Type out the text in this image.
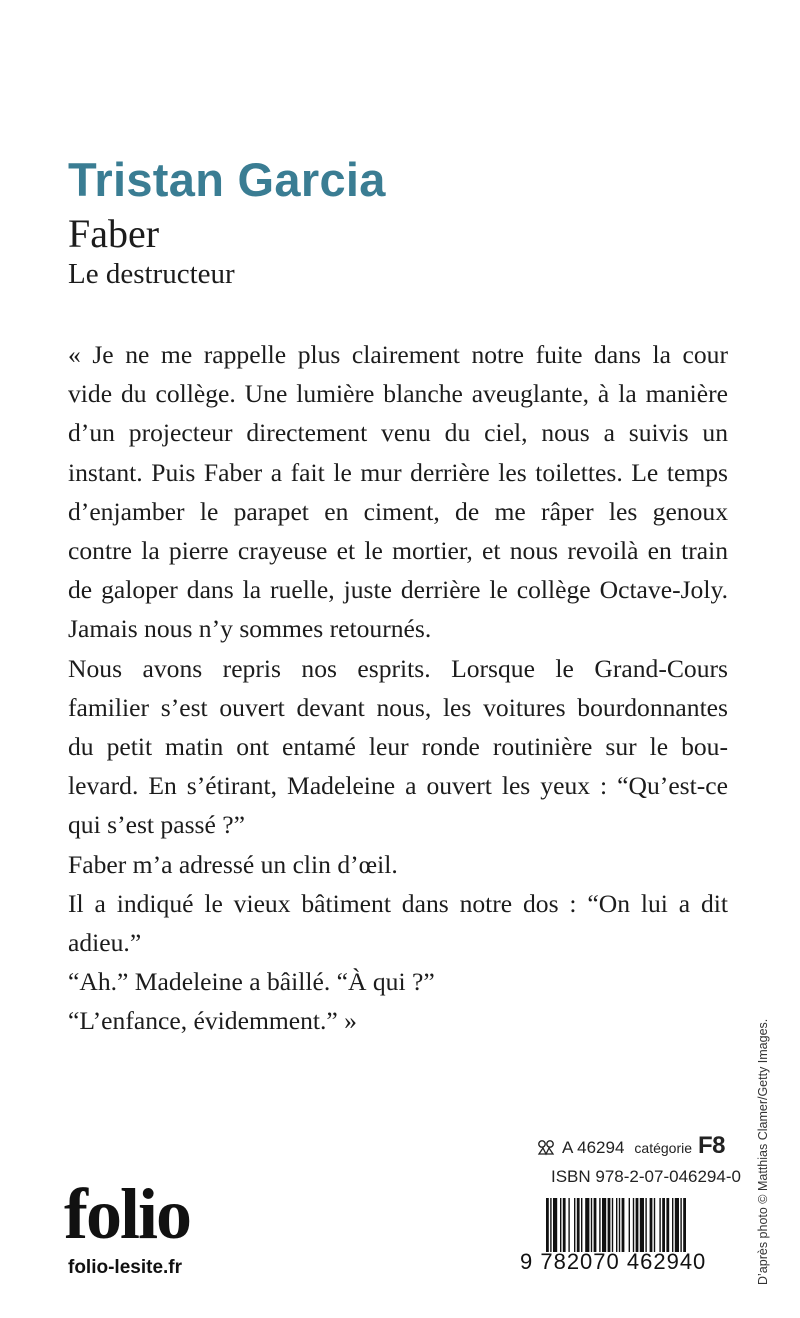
Tristan Garcia
Faber
Le destructeur
« Je ne me rappelle plus clairement notre fuite dans la cour
vide du collège. Une lumière blanche aveuglante, à la manière
d’un projecteur directement venu du ciel, nous a suivis un
instant. Puis Faber a fait le mur derrière les toilettes. Le temps
d’enjamber le parapet en ciment, de me râper les genoux
contre la pierre crayeuse et le mortier, et nous revoilà en train
de galoper dans la ruelle, juste derrière le collège Octave-Joly.
Jamais nous n’y sommes retournés.
Nous avons repris nos esprits. Lorsque le Grand-Cours
familier s’est ouvert devant nous, les voitures bourdonnantes
du petit matin ont entamé leur ronde routinière sur le bou-
levard. En s’étirant, Madeleine a ouvert les yeux : “Qu’est-ce
qui s’est passé ?”
Faber m’a adressé un clin d’œil.
Il a indiqué le vieux bâtiment dans notre dos : “On lui a dit
adieu.”
“Ah.” Madeleine a bâillé. “À qui ?”
“L’enfance, évidemment.” »
folio
folio-lesite.fr
A 46294 catégorie F8
ISBN 978-2-07-046294-0
9 782070 462940	D’après photo © Matthias Clamer/Getty Images.
